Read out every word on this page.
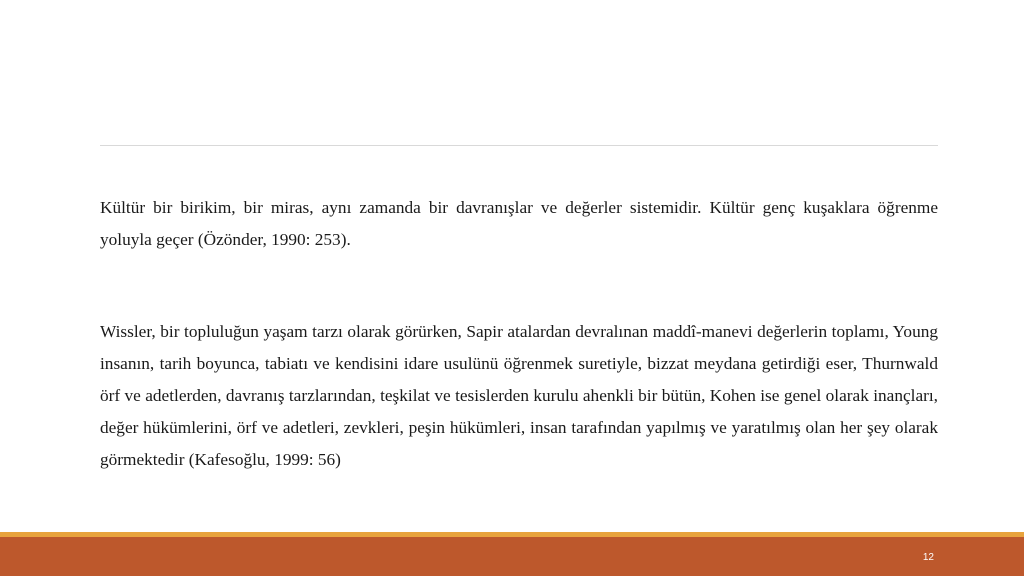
Kültür bir birikim, bir miras, aynı zamanda bir davranışlar ve değerler sistemidir. Kültür genç kuşaklara öğrenme yoluyla geçer (Özönder, 1990: 253).

Wissler, bir topluluğun yaşam tarzı olarak görürken, Sapir atalardan devralınan maddî-manevi değerlerin toplamı, Young insanın, tarih boyunca, tabiatı ve kendisini idare usulünü öğrenmek suretiyle, bizzat meydana getirdiği eser, Thurnwald örf ve adetlerden, davranış tarzlarından, teşkilat ve tesislerden kurulu ahenkli bir bütün, Kohen ise genel olarak inançları, değer hükümlerini, örf ve adetleri, zevkleri, peşin hükümleri, insan tarafından yapılmış ve yaratılmış olan her şey olarak görmektedir (Kafesoğlu, 1999: 56)

12
